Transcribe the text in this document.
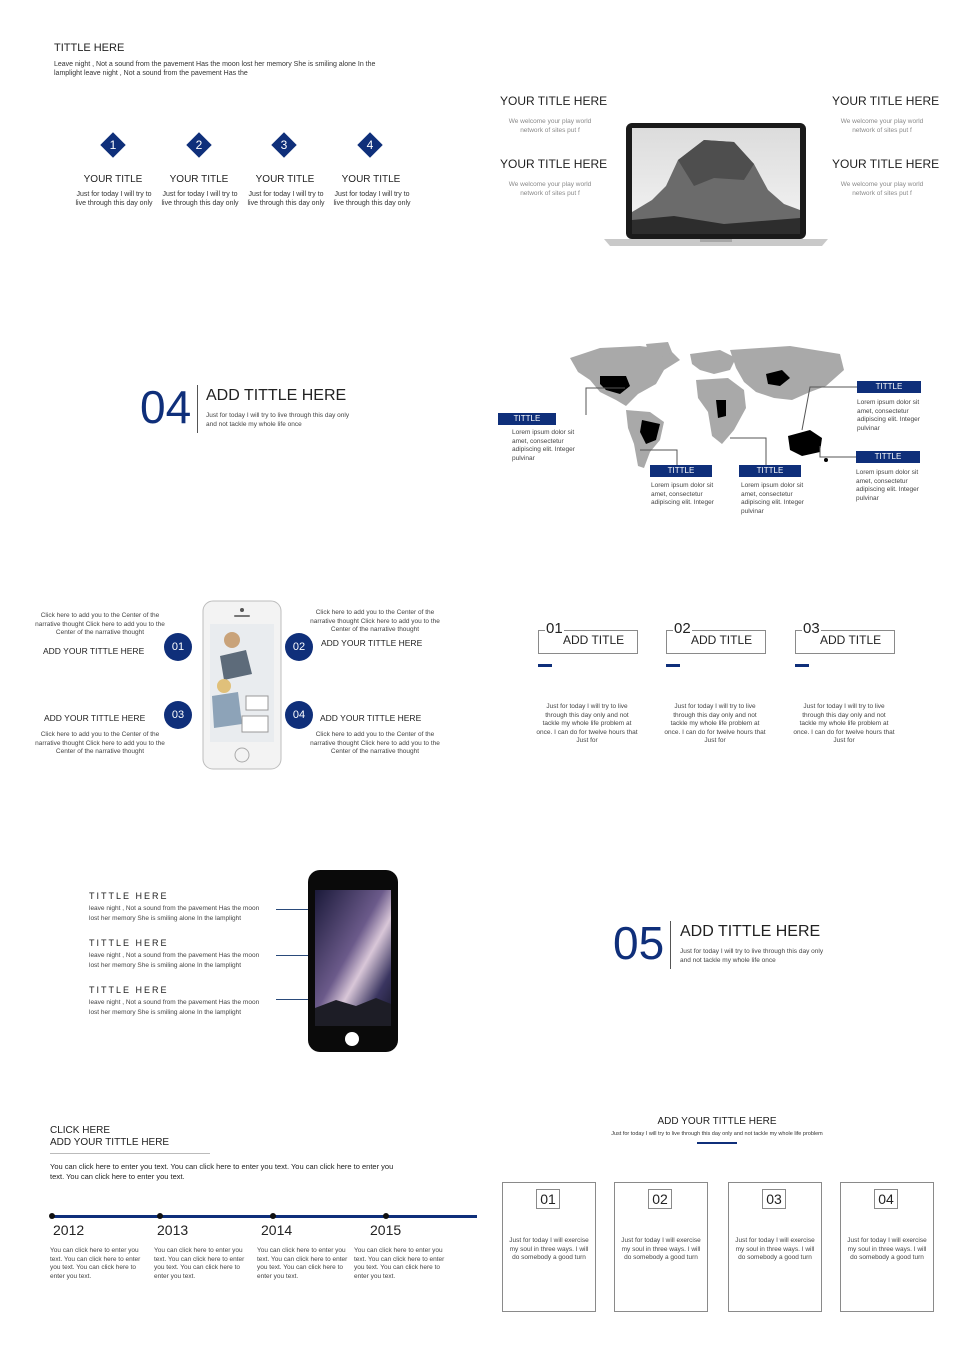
TITTLE HERE
Leave night , Not a sound from the pavement Has the moon lost her memory She is smiling alone In the lamplight leave night , Not a sound from the pavement Has the
1	2	3	4
YOUR TITLE
Just for today I will try to live through this day only
YOUR TITLE
Just for today I will try to live through this day only
YOUR TITLE
Just for today I will try to live through this day only
YOUR TITLE
Just for today I will try to live through this day only
YOUR TITLE HERE
We welcome your play world network of sites put f
YOUR TITLE HERE
We welcome your play world network of sites put f
YOUR TITLE HERE
We welcome your play world network of sites put f
YOUR TITLE HERE
We welcome your play world network of sites put f
04 ADD TITTLE HERE
Just for today I will try to live through this day only and not tackle my whole life once
TITTLE
Lorem ipsum dolor sit amet, consectetur adipiscing elit. Integer pulvinar
TITTLE
Lorem ipsum dolor sit amet, consectetur adipiscing elit. Integer
TITTLE
Lorem ipsum dolor sit amet, consectetur adipiscing elit. Integer pulvinar
TITTLE
Lorem ipsum dolor sit amet, consectetur adipiscing elit. Integer pulvinar
TITTLE
Lorem ipsum dolor sit amet, consectetur adipiscing elit. Integer pulvinar
Click here to add you to the Center of the narrative thought Click here to add you to the Center of the narrative thought
ADD YOUR TITTLE HERE	01
Click here to add you to the Center of the narrative thought Click here to add you to the Center of the narrative thought
ADD YOUR TITTLE HERE
02
ADD YOUR TITTLE HERE
Click here to add you to the Center of the narrative thought Click here to add you to the Center of the narrative thought
03	ADD YOUR TITTLE HERE
Click here to add you to the Center of the narrative thought Click here to add you to the Center of the narrative thought
04
01
ADD TITLE
Just for today I will try to live through this day only and not tackle my whole life problem at once. I can do for twelve hours that Just for
02
ADD TITLE
Just for today I will try to live through this day only and not tackle my whole life problem at once. I can do for twelve hours that Just for
03
ADD TITLE
Just for today I will try to live through this day only and not tackle my whole life problem at once. I can do for twelve hours that Just for
TITTLE HERE
leave night , Not a sound from the pavement Has the moon lost her memory She is smiling alone In the lamplight
TITTLE HERE
leave night , Not a sound from the pavement Has the moon lost her memory She is smiling alone In the lamplight
TITTLE HERE
leave night , Not a sound from the pavement Has the moon lost her memory She is smiling alone In the lamplight
05 ADD TITTLE HERE
Just for today I will try to live through this day only and not tackle my whole life once
CLICK HERE
ADD YOUR TITTLE HERE
You can click here to enter you text. You can click here to enter you text. You can click here to enter you text. You can click here to enter you text.
2012
You can click here to enter you text. You can click here to enter you text. You can click here to enter you text.
2013
You can click here to enter you text. You can click here to enter you text. You can click here to enter you text.
2014
You can click here to enter you text. You can click here to enter you text. You can click here to enter you text.
2015
You can click here to enter you text. You can click here to enter you text. You can click here to enter you text.
ADD YOUR TITTLE HERE
Just for today I will try to live through this day only and not tackle my whole life problem
01
Just for today I will exercise my soul in three ways. I will do somebody a good turn
02
Just for today I will exercise my soul in three ways. I will do somebody a good turn
03
Just for today I will exercise my soul in three ways. I will do somebody a good turn
04
Just for today I will exercise my soul in three ways. I will do somebody a good turn
